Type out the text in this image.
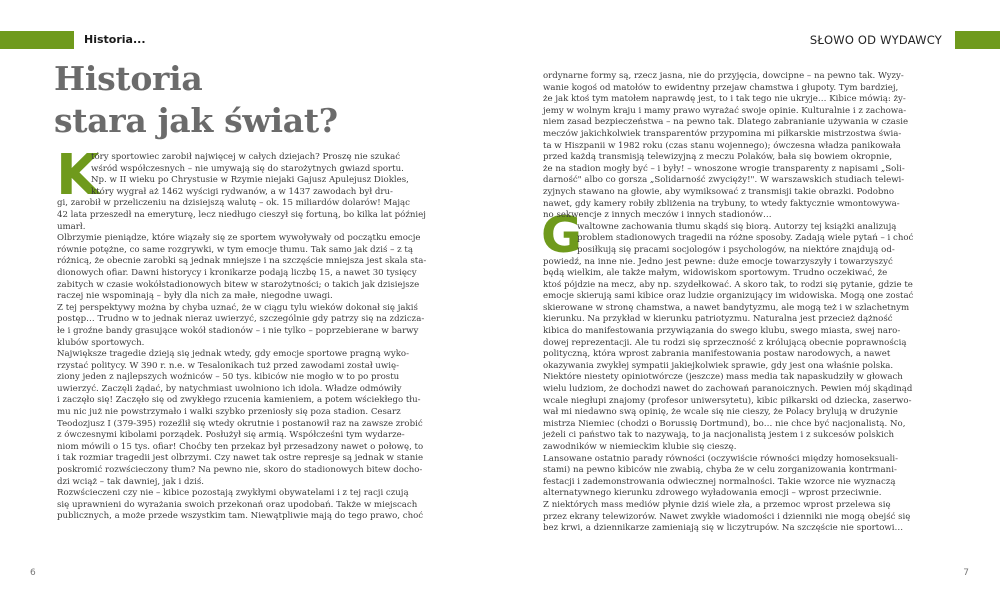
Historia...
Historia
stara jak świat?
K
tóry sportowiec zarobił najwięcej w całych dziejach? Proszę nie szukać
wśród współczesnych – nie umywają się do starożytnych gwiazd sportu.
Np. w II wieku po Chrystusie w Rzymie niejaki Gajusz Apulejusz Diokles,
który wygrał aż 1462 wyścigi rydwanów, a w 1437 zawodach był dru-
gi, zarobił w przeliczeniu na dzisiejszą walutę – ok. 15 miliardów dolarów! Mając
42 lata przeszedł na emeryturę, lecz niedługo cieszył się fortuną, bo kilka lat później
umarł.
Olbrzymie pieniądze, które wiązały się ze sportem wywoływały od początku emocje
równie potężne, co same rozgrywki, w tym emocje tłumu. Tak samo jak dziś – z tą
różnicą, że obecnie zarobki są jednak mniejsze i na szczęście mniejsza jest skala sta-
dionowych ofiar. Dawni historycy i kronikarze podają liczbę 15, a nawet 30 tysięcy
zabitych w czasie wokółstadionowych bitew w starożytności; o takich jak dzisiejsze
raczej nie wspominają – były dla nich za małe, niegodne uwagi.
Z tej perspektywy można by chyba uznać, że w ciągu tylu wieków dokonał się jakiś
postęp… Trudno w to jednak nieraz uwierzyć, szczególnie gdy patrzy się na zdzicza-
łe i groźne bandy grasujące wokół stadionów – i nie tylko – poprzebierane w barwy
klubów sportowych.
Największe tragedie dzieją się jednak wtedy, gdy emocje sportowe pragną wyko-
rzystać politycy. W 390 r. n.e. w Tesalonikach tuż przed zawodami został uwię-
ziony jeden z najlepszych woźniców – 50 tys. kibiców nie mogło w to po prostu
uwierzyć. Zaczęli żądać, by natychmiast uwolniono ich idola. Władze odmówiły
i zaczęło się! Zaczęło się od zwykłego rzucenia kamieniem, a potem wściekłego tłu-
mu nic już nie powstrzymało i walki szybko przeniosły się poza stadion. Cesarz
Teodozjusz I (379-395) rozeźlił się wtedy okrutnie i postanowił raz na zawsze zrobić
z ówczesnymi kibolami porządek. Posłużył się armią. Współcześni tym wydarze-
niom mówili o 15 tys. ofiar! Choćby ten przekaz był przesadzony nawet o połowę, to
i tak rozmiar tragedii jest olbrzymi. Czy nawet tak ostre represje są jednak w stanie
poskromić rozwścieczony tłum? Na pewno nie, skoro do stadionowych bitew docho-
dzi wciąż – tak dawniej, jak i dziś.
Rozwścieczeni czy nie – kibice pozostają zwykłymi obywatelami i z tej racji czują
się uprawnieni do wyrażania swoich przekonań oraz upodobań. Także w miejscach
publicznych, a może przede wszystkim tam. Niewątpliwie mają do tego prawo, choć
6
SŁOWO OD WYDAWCY
G
ordynarne formy są, rzecz jasna, nie do przyjęcia, dowcipne – na pewno tak. Wyzy-
wanie kogoś od matołów to ewidentny przejaw chamstwa i głupoty. Tym bardziej,
że jak ktoś tym matołem naprawdę jest, to i tak tego nie ukryje… Kibice mówią: ży-
jemy w wolnym kraju i mamy prawo wyrażać swoje opinie. Kulturalnie i z zachowa-
niem zasad bezpieczeństwa – na pewno tak. Dlatego zabranianie używania w czasie
meczów jakichkolwiek transparentów przypomina mi piłkarskie mistrzostwa świa-
ta w Hiszpanii w 1982 roku (czas stanu wojennego); ówczesna władza panikowała
przed każdą transmisją telewizyjną z meczu Polaków, bała się bowiem okropnie,
że na stadion mogły być – i były! – wnoszone wrogie transparenty z napisami „Soli-
darność" albo co gorsza „Solidarność zwycięży!". W warszawskich studiach telewi-
zyjnych stawano na głowie, aby wymiksować z transmisji takie obrazki. Podobno
nawet, gdy kamery robiły zbliżenia na trybuny, to wtedy faktycznie wmontowywa-
no sekwencje z innych meczów i innych stadionów…
waltowne zachowania tłumu skądś się biorą. Autorzy tej książki analizują
problem stadionowych tragedii na różne sposoby. Zadają wiele pytań – i choć
posiłkują się pracami socjologów i psychologów, na niektóre znajdują od-
powiedź, na inne nie. Jedno jest pewne: duże emocje towarzyszyły i towarzyszyć
będą wielkim, ale także małym, widowiskom sportowym. Trudno oczekiwać, że
ktoś pójdzie na mecz, aby np. szydełkować. A skoro tak, to rodzi się pytanie, gdzie te
emocje skierują sami kibice oraz ludzie organizujący im widowiska. Mogą one zostać
skierowane w stronę chamstwa, a nawet bandytyzmu, ale mogą też i w szlachetnym
kierunku. Na przykład w kierunku patriotyzmu. Naturalna jest przecież dążność
kibica do manifestowania przywiązania do swego klubu, swego miasta, swej naro-
dowej reprezentacji. Ale tu rodzi się sprzeczność z królującą obecnie poprawnością
polityczną, która wprost zabrania manifestowania postaw narodowych, a nawet
okazywania zwykłej sympatii jakiejkolwiek sprawie, gdy jest ona właśnie polska.
Niektóre niestety opiniotwórcze (jeszcze) mass media tak napaskudziły w głowach
wielu ludziom, że dochodzi nawet do zachowań paranoicznych. Pewien mój skądinąd
wcale niegłupi znajomy (profesor uniwersytetu), kibic piłkarski od dziecka, zaserwo-
wał mi niedawno swą opinię, że wcale się nie cieszy, że Polacy brylują w drużynie
mistrza Niemiec (chodzi o Borussię Dortmund), bo… nie chce być nacjonalistą. No,
jeżeli ci państwo tak to nazywają, to ja nacjonalistą jestem i z sukcesów polskich
zawodników w niemieckim klubie się cieszę.
Lansowane ostatnio parady równości (oczywiście równości między homoseksuali-
stami) na pewno kibiców nie zwabią, chyba że w celu zorganizowania kontrmani-
festacji i zademonstrowania odwiecznej normalności. Takie wzorce nie wyznaczą
alternatywnego kierunku zdrowego wyładowania emocji – wprost przeciwnie.
Z niektórych mass mediów płynie dziś wiele zła, a przemoc wprost przelewa się
przez ekrany telewizorów. Nawet zwykłe wiadomości i dzienniki nie mogą obejść się
bez krwi, a dziennikarze zamieniają się w liczytrupów. Na szczęście nie sportowi…
7
